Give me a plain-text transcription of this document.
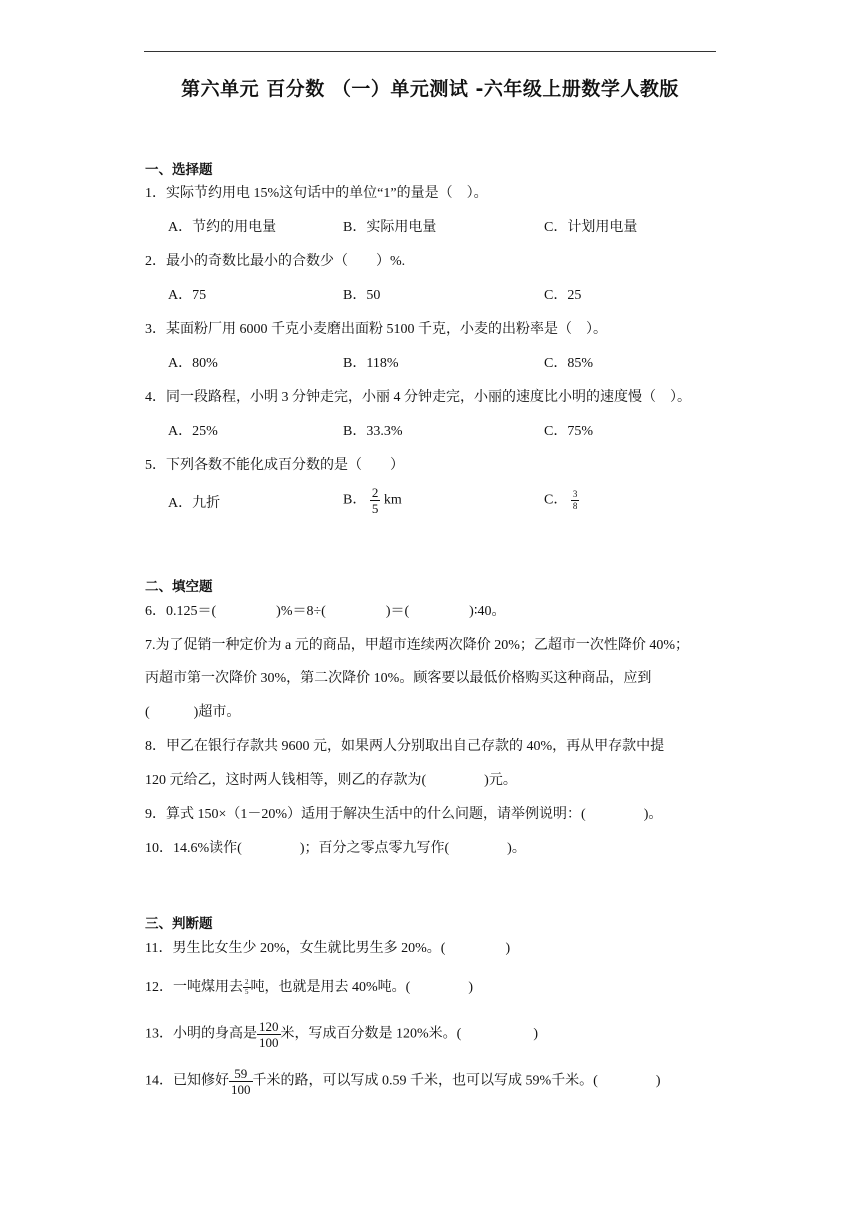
第六单元 百分数 （一）单元测试 -六年级上册数学人教版
一、选择题
1．实际节约用电 15%这句话中的单位“1”的量是（　）。
A．节约的用电量	B．实际用电量	C．计划用电量
2．最小的奇数比最小的合数少（　　）%.
A．75	B．50	C．25
3．某面粉厂用 6000 千克小麦磨出面粉 5100 千克，小麦的出粉率是（　）。
A．80%	B．118%	C．85%
4．同一段路程，小明 3 分钟走完，小丽 4 分钟走完，小丽的速度比小明的速度慢（　）。
A．25%	B．33.3%	C．75%
5．下列各数不能化成百分数的是（　　）
A．九折	B． $\frac{2}{5}$ km	C． $\frac{3}{8}$
二、填空题
6．0.125＝(	)%＝8÷(	)＝(	)∶40。
7.为了促销一种定价为 a 元的商品，甲超市连续两次降价 20%；乙超市一次性降价 40%；
丙超市第一次降价 30%，第二次降价 10%。顾客要以最低价格购买这种商品，应到
(	)超市。
8．甲乙在银行存款共 9600 元，如果两人分别取出自己存款的 40%，再从甲存款中提
120 元给乙，这时两人钱相等，则乙的存款为(	)元。
9．算式 150×（1－20%）适用于解决生活中的什么问题，请举例说明：(	)。
10．14.6%读作(	)；百分之零点零九写作(	)。
三、判断题
11．男生比女生少 20%，女生就比男生多 20%。(	)
12．一吨煤用去 $\frac{2}{5}$ 吨，也就是用去 40%吨。(	)
13．小明的身高是 $\frac{120}{100}$ 米，写成百分数是 120%米。(	)
14．已知修好 $\frac{59}{100}$ 千米的路，可以写成 0.59 千米，也可以写成 59%千米。(	)
